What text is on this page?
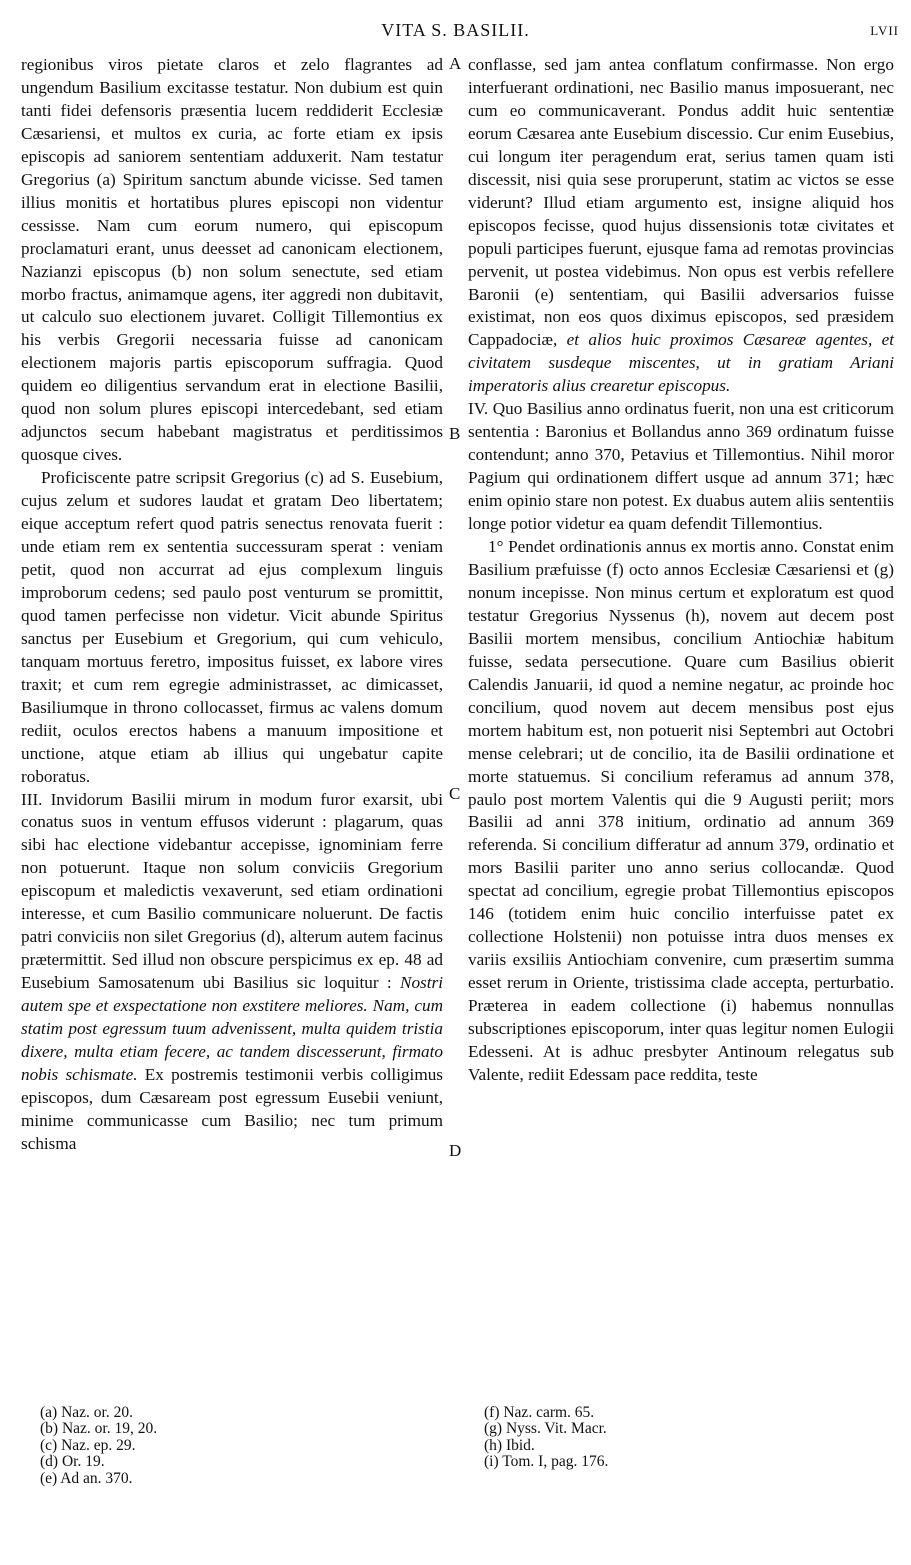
VITA S. BASILII.	LVII

regionibus viros pietate claros et zelo flagrantes ad ungendum Basilium excitasse testatur. Non dubium est quin tanti fidei defensoris præsentia lucem reddiderit Ecclesiæ Cæsariensi, et multos ex curia, ac forte etiam ex ipsis episcopis ad saniorem sententiam adduxerit. Nam testatur Gregorius (a) Spiritum sanctum abunde vicisse. Sed tamen illius monitis et hortatibus plures episcopi non videntur cessisse. Nam cum eorum numero, qui episcopum proclamaturi erant, unus deesset ad canonicam electionem, Nazianzi episcopus (b) non solum senectute, sed etiam morbo fractus, animamque agens, iter aggredi non dubitavit, ut calculo suo electionem juvaret. Colligit Tillemontius ex his verbis Gregorii necessaria fuisse ad canonicam electionem majoris partis episcoporum suffragia. Quod quidem eo diligentius servandum erat in electione Basilii, quod non solum plures episcopi intercedebant, sed etiam adjunctos secum habebant magistratus et perditissimos quosque cives.

Proficiscente patre scripsit Gregorius (c) ad S. Eusebium, cujus zelum et sudores laudat et gratam Deo libertatem; eique acceptum refert quod patris senectus renovata fuerit : unde etiam rem ex sententia successuram sperat : veniam petit, quod non accurrat ad ejus complexum linguis improborum cedens; sed paulo post venturum se promittit, quod tamen perfecisse non videtur. Vicit abunde Spiritus sanctus per Eusebium et Gregorium, qui cum vehiculo, tanquam mortuus feretro, impositus fuisset, ex labore vires traxit; et cum rem egregie administrasset, ac dimicasset, Basiliumque in throno collocasset, firmus ac valens domum rediit, oculos erectos habens a manuum impositione et unctione, atque etiam ab illius qui ungebatur capite roboratus.

III. Invidorum Basilii mirum in modum furor exarsit, ubi conatus suos in ventum effusos viderunt : plagarum, quas sibi hac electione videbantur accepisse, ignominiam ferre non potuerunt. Itaque non solum conviciis Gregorium episcopum et maledictis vexaverunt, sed etiam ordinationi interesse, et cum Basilio communicare noluerunt. De factis patri conviciis non silet Gregorius (d), alterum autem facinus prætermittit. Sed illud non obscure perspicimus ex ep. 48 ad Eusebium Samosatenum ubi Basilius sic loquitur : Nostri autem spe et exspectatione non exstitere meliores. Nam, cum statim post egressum tuum advenissent, multa quidem tristia dixere, multa etiam fecere, ac tandem discesserunt, firmato nobis schismate. Ex postremis testimonii verbis colligimus episcopos, dum Cæsaream post egressum Eusebii veniunt, minime communicasse cum Basilio; nec tum primum schisma

A
B
C
D

conflasse, sed jam antea conflatum confirmasse. Non ergo interfuerant ordinationi, nec Basilio manus imposuerant, nec cum eo communicaverant. Pondus addit huic sententiæ eorum Cæsarea ante Eusebium discessio. Cur enim Eusebius, cui longum iter peragendum erat, serius tamen quam isti discessit, nisi quia sese proruperunt, statim ac victos se esse viderunt? Illud etiam argumento est, insigne aliquid hos episcopos fecisse, quod hujus dissensionis totæ civitates et populi participes fuerunt, ejusque fama ad remotas provincias pervenit, ut postea videbimus. Non opus est verbis refellere Baronii (e) sententiam, qui Basilii adversarios fuisse existimat, non eos quos diximus episcopos, sed præsidem Cappadociæ, et alios huic proximos Cæsareæ agentes, et civitatem susdeque miscentes, ut in gratiam Ariani imperatoris alius crearetur episcopus.

IV. Quo Basilius anno ordinatus fuerit, non una est criticorum sententia : Baronius et Bollandus anno 369 ordinatum fuisse contendunt; anno 370, Petavius et Tillemontius. Nihil moror Pagium qui ordinationem differt usque ad annum 371; hæc enim opinio stare non potest. Ex duabus autem aliis sententiis longe potior videtur ea quam defendit Tillemontius.

1° Pendet ordinationis annus ex mortis anno. Constat enim Basilium præfuisse (f) octo annos Ecclesiæ Cæsariensi et (g) nonum incepisse. Non minus certum et exploratum est quod testatur Gregorius Nyssenus (h), novem aut decem post Basilii mortem mensibus, concilium Antiochiæ habitum fuisse, sedata persecutione. Quare cum Basilius obierit Calendis Januarii, id quod a nemine negatur, ac proinde hoc concilium, quod novem aut decem mensibus post ejus mortem habitum est, non potuerit nisi Septembri aut Octobri mense celebrari; ut de concilio, ita de Basilii ordinatione et morte statuemus. Si concilium referamus ad annum 378, paulo post mortem Valentis qui die 9 Augusti periit; mors Basilii ad anni 378 initium, ordinatio ad annum 369 referenda. Si concilium differatur ad annum 379, ordinatio et mors Basilii pariter uno anno serius collocandæ. Quod spectat ad concilium, egregie probat Tillemontius episcopos 146 (totidem enim huic concilio interfuisse patet ex collectione Holstenii) non potuisse intra duos menses ex variis exsiliis Antiochiam convenire, cum præsertim summa esset rerum in Oriente, tristissima clade accepta, perturbatio. Præterea in eadem collectione (i) habemus nonnullas subscriptiones episcoporum, inter quas legitur nomen Eulogii Edesseni. At is adhuc presbyter Antinoum relegatus sub Valente, rediit Edessam pace reddita, teste

(a) Naz. or. 20.
(b) Naz. or. 19, 20.
(c) Naz. ep. 29.
(d) Or. 19.
(e) Ad an. 370.
(f) Naz. carm. 65.
(g) Nyss. Vit. Macr.
(h) Ibid.
(i) Tom. I, pag. 176.
